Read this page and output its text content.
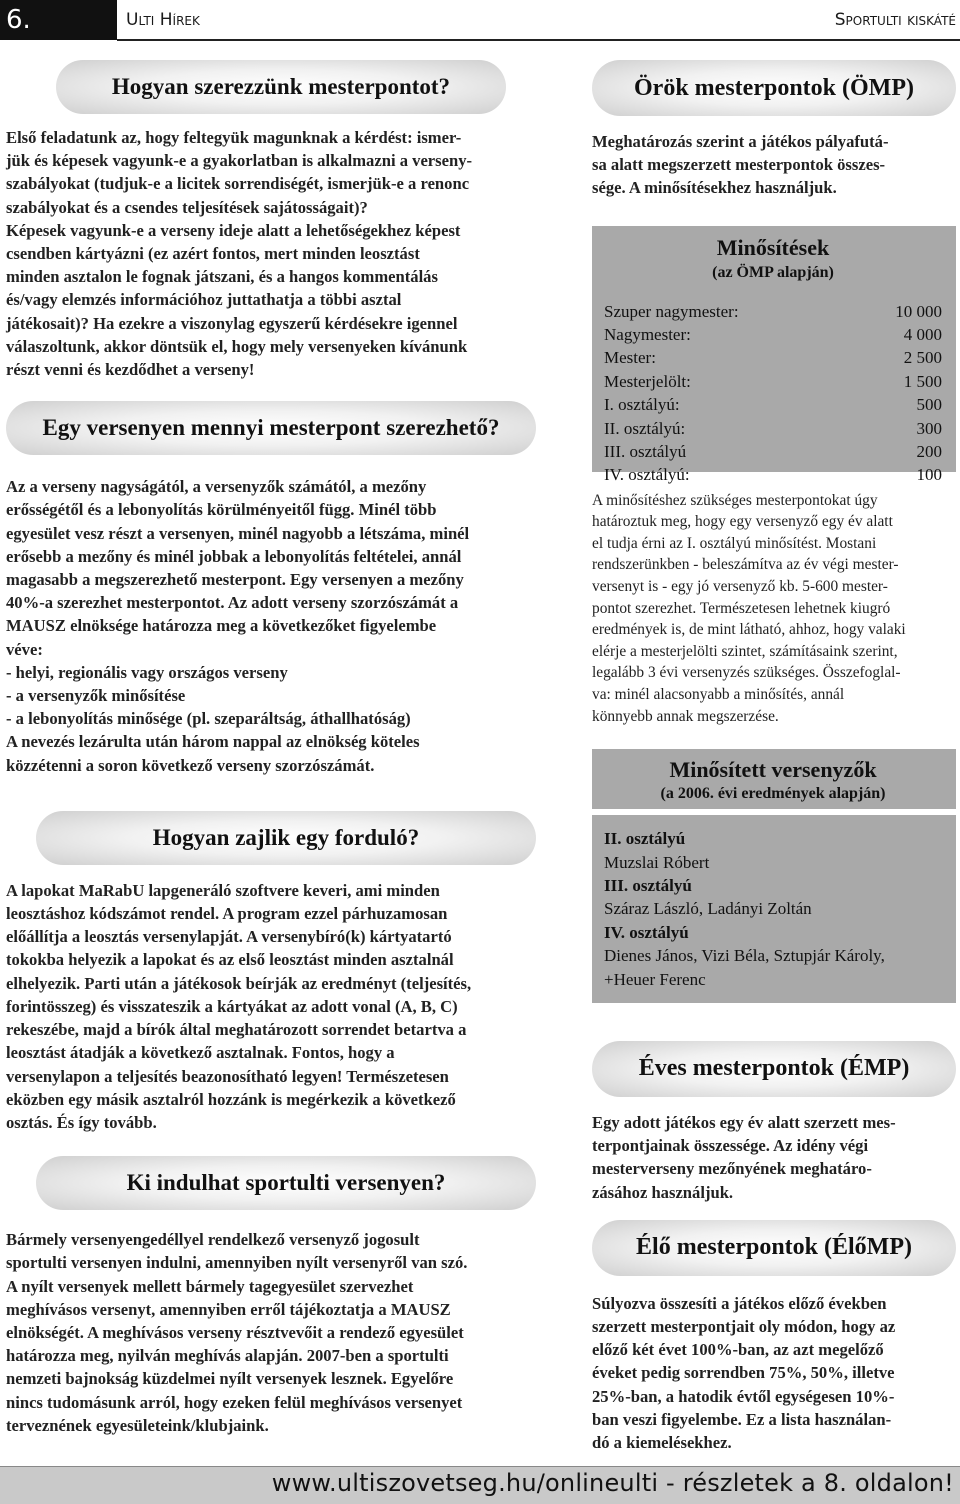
6.	Ulti Hírek	Sportulti kiskáté
Hogyan szerezzünk mesterpontot?

Első feladatunk az, hogy feltegyük magunknak a kérdést: ismer-

jük és képesek vagyunk-e a gyakorlatban is alkalmazni a verseny-

szabályokat (tudjuk-e a licitek sorrendiségét, ismerjük-e a renonc

szabályokat és a csendes teljesítések sajátosságait)?

Képesek vagyunk-e a verseny ideje alatt a lehetőségekhez képest

csendben kártyázni (ez azért fontos, mert minden leosztást

minden asztalon le fognak játszani, és a hangos kommentálás

és/vagy elemzés információhoz juttathatja a többi asztal

játékosait)? Ha ezekre a viszonylag egyszerű kérdésekre igennel

válaszoltunk, akkor döntsük el, hogy mely versenyeken kívánunk

részt venni és kezdődhet a verseny!

Egy versenyen mennyi mesterpont szerezhető?

Az a verseny nagyságától, a versenyzők számától, a mezőny

erősségétől és a lebonyolítás körülményeitől függ. Minél több

egyesület vesz részt a versenyen, minél nagyobb a létszáma, minél

erősebb a mezőny és minél jobbak a lebonyolítás feltételei, annál

magasabb a megszerezhető mesterpont. Egy versenyen a mezőny

40%-a szerezhet mesterpontot. Az adott verseny szorzószámát a

MAUSZ elnöksége határozza meg a következőket figyelembe

véve:

- helyi, regionális vagy országos verseny

- a versenyzők minősítése

- a lebonyolítás minősége (pl. szeparáltság, áthallhatóság)

A nevezés lezárulta után három nappal az elnökség köteles

közzétenni a soron következő verseny szorzószámát.

Hogyan zajlik egy forduló?

A lapokat MaRabU lapgeneráló szoftvere keveri, ami minden

leosztáshoz kódszámot rendel. A program ezzel párhuzamosan

előállítja a leosztás versenylapját. A versenybíró(k) kártyatartó

tokokba helyezik a lapokat és az első leosztást minden asztalnál

elhelyezik. Parti után a játékosok beírják az eredményt (teljesítés,

forintösszeg) és visszateszik a kártyákat az adott vonal (A, B, C)

rekeszébe, majd a bírók által meghatározott sorrendet betartva a

leosztást átadják a következő asztalnak. Fontos, hogy a

versenylapon a teljesítés beazonosítható legyen! Természetesen

eközben egy másik asztalról hozzánk is megérkezik a következő

osztás. És így tovább.

Ki indulhat sportulti versenyen?

Bármely versenyengedéllyel rendelkező versenyző jogosult

sportulti versenyen indulni, amennyiben nyílt versenyről van szó.

A nyílt versenyek mellett bármely tagegyesület szervezhet

meghívásos versenyt, amennyiben erről tájékoztatja a MAUSZ

elnökségét. A meghívásos verseny résztvevőit a rendező egyesület

határozza meg, nyilván meghívás alapján. 2007-ben a sportulti

nemzeti bajnokság küzdelmei nyílt versenyek lesznek. Egyelőre

nincs tudomásunk arról, hogy ezeken felül meghívásos versenyet

terveznének egyesületeink/klubjaink.

Örök mesterpontok (ÖMP)

Meghatározás szerint a játékos pályafutá-

sa alatt megszerzett mesterpontok összes-

sége. A minősítésekhez használjuk.

Minősítések
(az ÖMP alapján)
Szuper nagymester:	10 000
Nagymester:	4 000
Mester:	2 500
Mesterjelölt:	1 500
I. osztályú:	500
II. osztályú:	300
III. osztályú	200
IV. osztályú:	100

A minősítéshez szükséges mesterpontokat úgy

határoztuk meg, hogy egy versenyző egy év alatt

el tudja érni az I. osztályú minősítést. Mostani

rendszerünkben - beleszámítva az év végi mester-

versenyt is - egy jó versenyző kb. 5-600 mester-

pontot szerezhet. Természetesen lehetnek kiugró

eredmények is, de mint látható, ahhoz, hogy valaki

elérje a mesterjelölti szintet, számításaink szerint,

legalább 3 évi versenyzés szükséges. Összefoglal-

va: minél alacsonyabb a minősítés, annál

könnyebb annak megszerzése.

Minősített versenyzők
(a 2006. évi eredmények alapján)
II. osztályú
Muzslai Róbert
III. osztályú
Száraz László, Ladányi Zoltán
IV. osztályú
Dienes János, Vizi Béla, Sztupjár Károly,
+Heuer Ferenc
Éves mesterpontok (ÉMP)

Egy adott játékos egy év alatt szerzett mes-

terpontjainak összessége. Az idény végi

mesterverseny mezőnyének meghatáro-

zásához használjuk.

Élő mesterpontok (ÉlőMP)

Súlyozva összesíti a játékos előző években

szerzett mesterpontjait oly módon, hogy az

előző két évet 100%-ban, az azt megelőző

éveket pedig sorrendben 75%, 50%, illetve

25%-ban, a hatodik évtől egységesen 10%-

ban veszi figyelembe. Ez a lista használan-

dó a kiemelésekhez.

www.ultiszovetseg.hu/onlineulti - részletek a 8. oldalon!
